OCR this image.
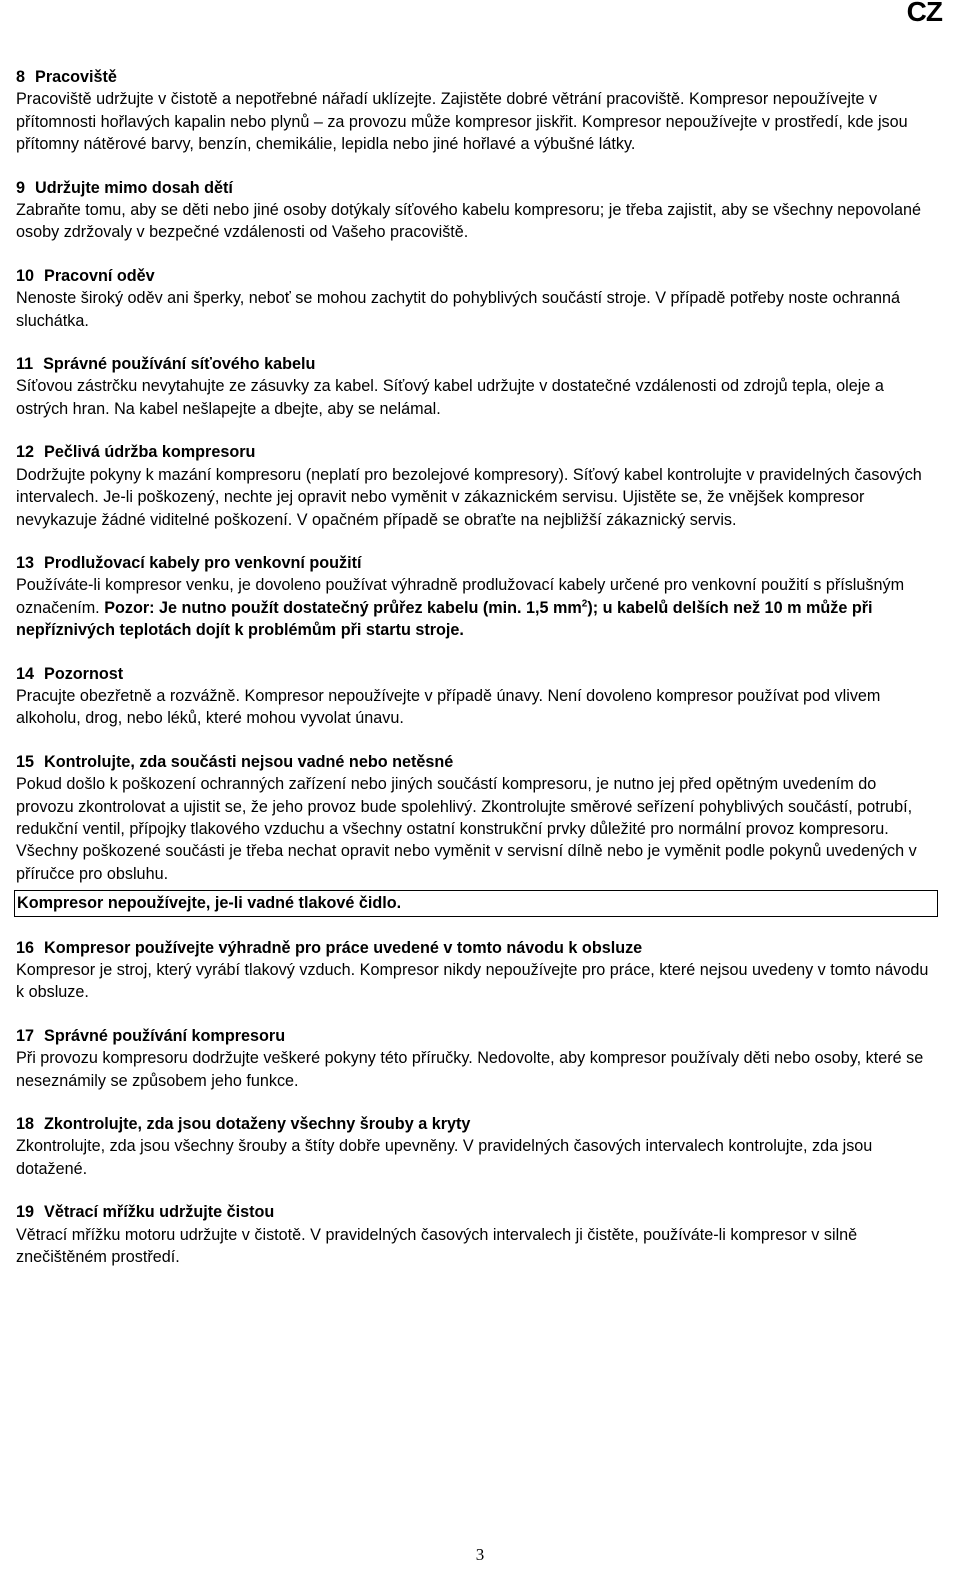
CZ
8 Pracoviště

Pracoviště udržujte v čistotě a nepotřebné nářadí uklízejte. Zajistěte dobré větrání pracoviště. Kompresor nepoužívejte v přítomnosti hořlavých kapalin nebo plynů – za provozu může kompresor jiskřit. Kompresor nepoužívejte v prostředí, kde jsou přítomny nátěrové barvy, benzín, chemikálie, lepidla nebo jiné hořlavé a výbušné látky.

9 Udržujte mimo dosah dětí

Zabraňte tomu, aby se děti nebo jiné osoby dotýkaly síťového kabelu kompresoru; je třeba zajistit, aby se všechny nepovolané osoby zdržovaly v bezpečné vzdálenosti od Vašeho pracoviště.

10 Pracovní oděv

Nenoste široký oděv ani šperky, neboť se mohou zachytit do pohyblivých součástí stroje. V případě potřeby noste ochranná sluchátka.

11 Správné používání síťového kabelu

Síťovou zástrčku nevytahujte ze zásuvky za kabel. Síťový kabel udržujte v dostatečné vzdálenosti od zdrojů tepla, oleje a ostrých hran. Na kabel nešlapejte a dbejte, aby se nelámal.

12 Pečlivá údržba kompresoru

Dodržujte pokyny k mazání kompresoru (neplatí pro bezolejové kompresory). Síťový kabel kontrolujte v pravidelných časových intervalech. Je-li poškozený, nechte jej opravit nebo vyměnit v zákaznickém servisu. Ujistěte se, že vnějšek kompresor nevykazuje žádné viditelné poškození. V opačném případě se obraťte na nejbližší zákaznický servis.

13 Prodlužovací kabely pro venkovní použití

Používáte-li kompresor venku, je dovoleno používat výhradně prodlužovací kabely určené pro venkovní použití s příslušným označením. Pozor: Je nutno použít dostatečný průřez kabelu (min. 1,5 $mm^2$); u kabelů delších než 10 m může při nepříznivých teplotách dojít k problémům při startu stroje.

14 Pozornost

Pracujte obezřetně a rozvážně. Kompresor nepoužívejte v případě únavy. Není dovoleno kompresor používat pod vlivem alkoholu, drog, nebo léků, které mohou vyvolat únavu.

15 Kontrolujte, zda součásti nejsou vadné nebo netěsné

Pokud došlo k poškození ochranných zařízení nebo jiných součástí kompresoru, je nutno jej před opětným uvedením do provozu zkontrolovat a ujistit se, že jeho provoz bude spolehlivý. Zkontrolujte směrové seřízení pohyblivých součástí, potrubí, redukční ventil, přípojky tlakového vzduchu a všechny ostatní konstrukční prvky důležité pro normální provoz kompresoru. Všechny poškozené součásti je třeba nechat opravit nebo vyměnit v servisní dílně nebo je vyměnit podle pokynů uvedených v příručce pro obsluhu.

Kompresor nepoužívejte, je-li vadné tlakové čidlo.
16 Kompresor používejte výhradně pro práce uvedené v tomto návodu k obsluze

Kompresor je stroj, který vyrábí tlakový vzduch. Kompresor nikdy nepoužívejte pro práce, které nejsou uvedeny v tomto návodu k obsluze.

17 Správné používání kompresoru

Při provozu kompresoru dodržujte veškeré pokyny této příručky. Nedovolte, aby kompresor používaly děti nebo osoby, které se neseznámily se způsobem jeho funkce.

18 Zkontrolujte, zda jsou dotaženy všechny šrouby a kryty

Zkontrolujte, zda jsou všechny šrouby a štíty dobře upevněny. V pravidelných časových intervalech kontrolujte, zda jsou dotažené.

19 Větrací mřížku udržujte čistou

Větrací mřížku motoru udržujte v čistotě. V pravidelných časových intervalech ji čistěte, používáte-li kompresor v silně znečištěném prostředí.

3
